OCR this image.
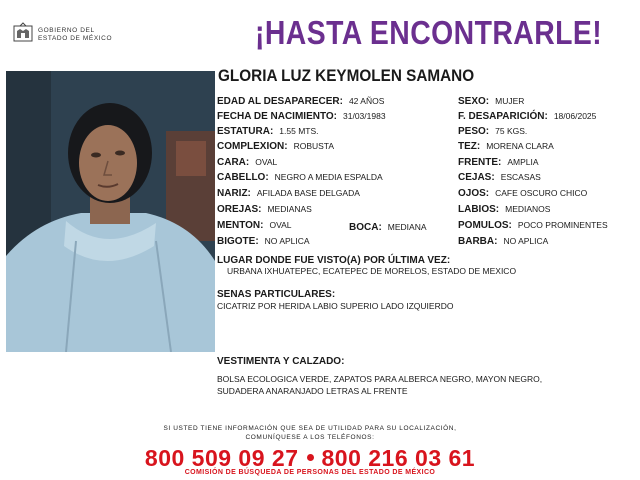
GOBIERNO DEL
ESTADO DE MÉXICO	¡HASTA ENCONTRARLE!
GLORIA LUZ KEYMOLEN SAMANO
EDAD AL DESAPARECER: 42 AÑOS	SEXO: MUJER
FECHA DE NACIMIENTO: 31/03/1983	F. DESAPARICIÓN: 18/06/2025
ESTATURA: 1.55 MTS.	PESO: 75 KGS.
COMPLEXION: ROBUSTA	TEZ: MORENA CLARA
CARA: OVAL	FRENTE: AMPLIA
CABELLO: NEGRO A MEDIA ESPALDA	CEJAS: ESCASAS
NARIZ: AFILADA BASE DELGADA	OJOS: CAFE OSCURO CHICO
OREJAS: MEDIANAS	LABIOS: MEDIANOS
MENTON: OVAL	BOCA: MEDIANA	POMULOS: POCO PROMINENTES
BIGOTE: NO APLICA	BARBA: NO APLICA
LUGAR DONDE FUE VISTO(A) POR ÚLTIMA VEZ:
URBANA IXHUATEPEC, ECATEPEC DE MORELOS, ESTADO DE MEXICO
SENAS PARTICULARES:
CICATRIZ POR HERIDA LABIO SUPERIO LADO IZQUIERDO
VESTIMENTA Y CALZADO:
BOLSA ECOLOGICA VERDE, ZAPATOS PARA ALBERCA NEGRO, MAYON NEGRO,
SUDADERA ANARANJADO LETRAS AL FRENTE
SI USTED TIENE INFORMACIÓN QUE SEA DE UTILIDAD PARA SU LOCALIZACIÓN,
COMUNÍQUESE A LOS TELÉFONOS:
800 509 09 27 800 216 03 61
COMISIÓN DE BÚSQUEDA DE PERSONAS DEL ESTADO DE MÉXICO
